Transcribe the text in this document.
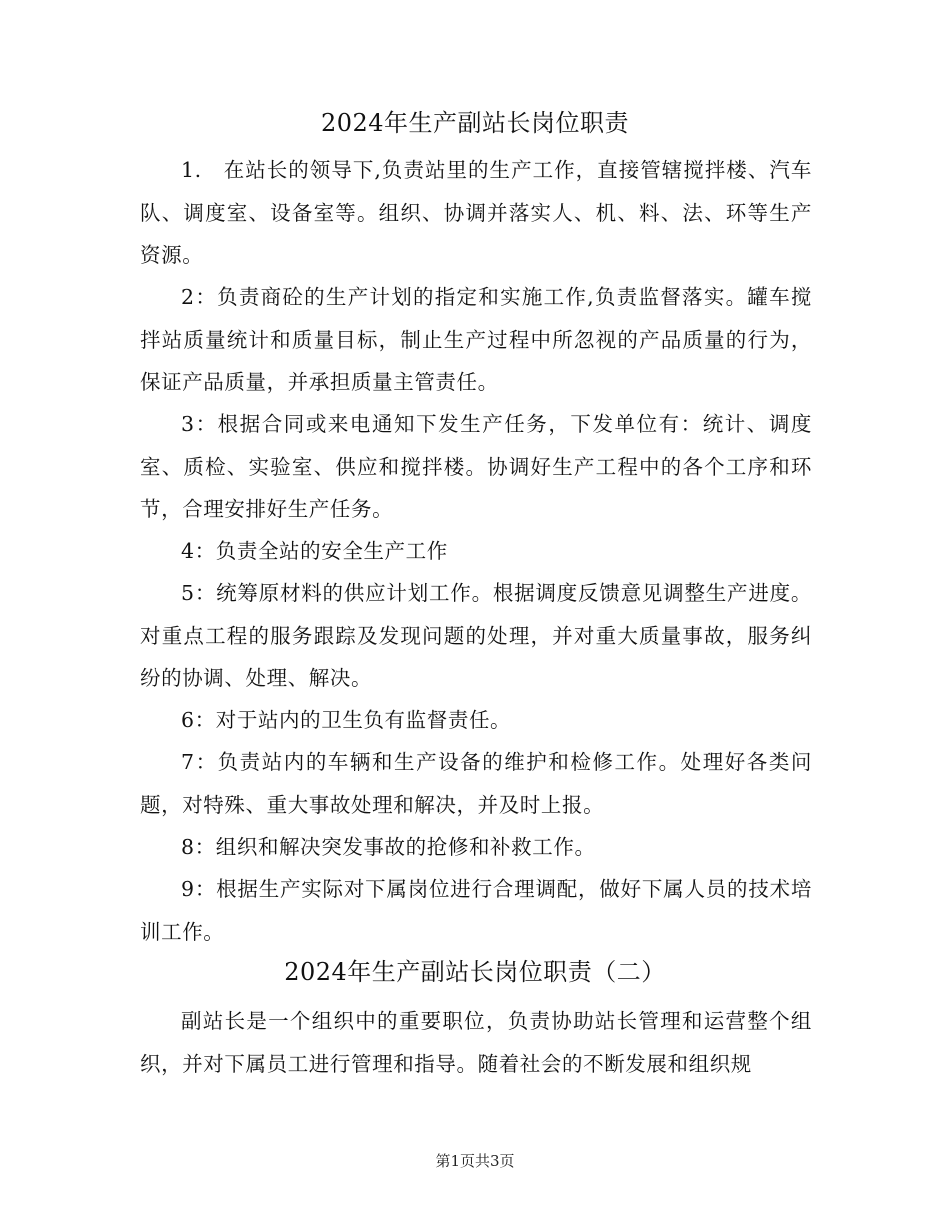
2024年生产副站长岗位职责

1.　在站长的领导下,负责站里的生产工作，直接管辖搅拌楼、汽车队、调度室、设备室等。组织、协调并落实人、机、料、法、环等生产资源。

2：负责商砼的生产计划的指定和实施工作,负责监督落实。罐车搅拌站质量统计和质量目标，制止生产过程中所忽视的产品质量的行为，保证产品质量，并承担质量主管责任。

3：根据合同或来电通知下发生产任务，下发单位有：统计、调度室、质检、实验室、供应和搅拌楼。协调好生产工程中的各个工序和环节，合理安排好生产任务。

4：负责全站的安全生产工作

5：统筹原材料的供应计划工作。根据调度反馈意见调整生产进度。对重点工程的服务跟踪及发现问题的处理，并对重大质量事故，服务纠纷的协调、处理、解决。

6：对于站内的卫生负有监督责任。

7：负责站内的车辆和生产设备的维护和检修工作。处理好各类问题，对特殊、重大事故处理和解决，并及时上报。

8：组织和解决突发事故的抢修和补救工作。

9：根据生产实际对下属岗位进行合理调配，做好下属人员的技术培训工作。

2024年生产副站长岗位职责（二）

副站长是一个组织中的重要职位，负责协助站长管理和运营整个组织，并对下属员工进行管理和指导。随着社会的不断发展和组织规

第1页共3页
